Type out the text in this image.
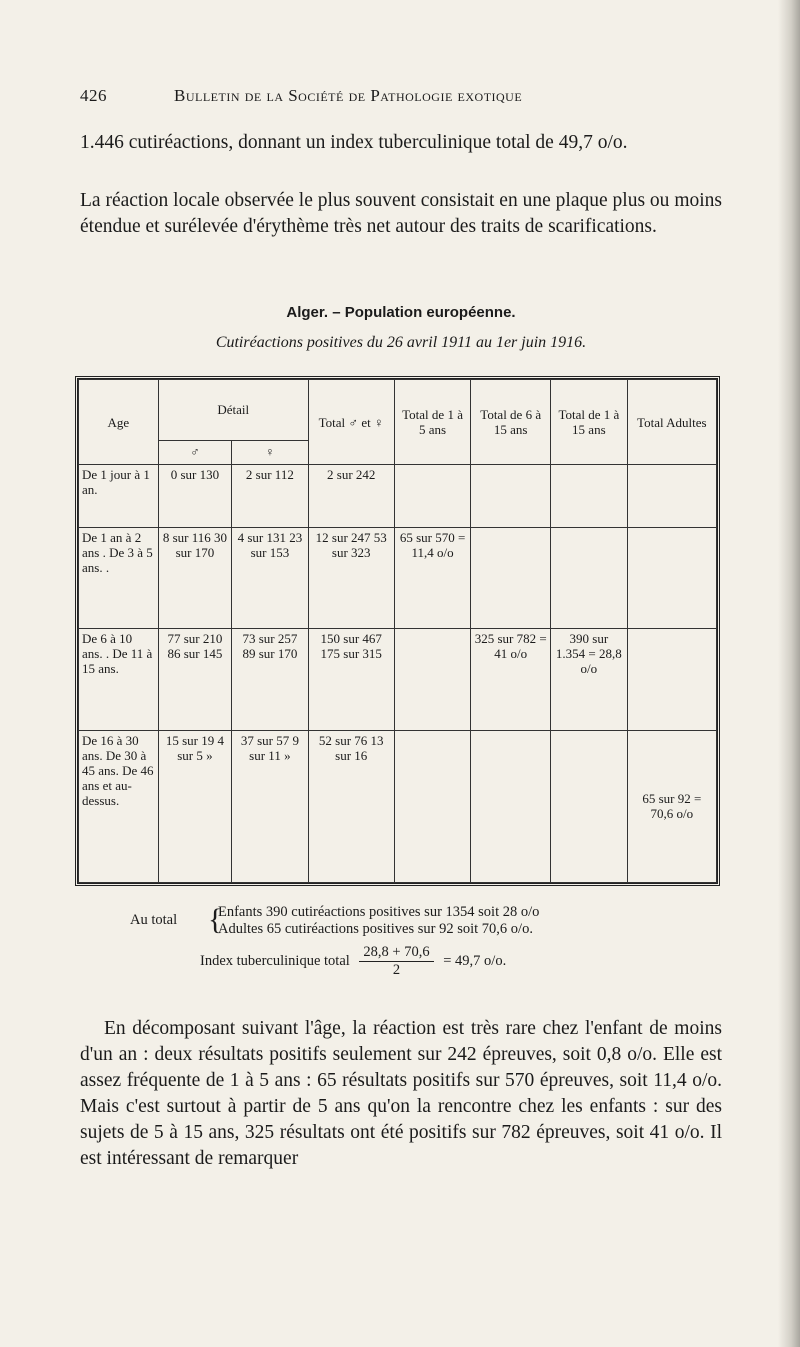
426	Bulletin de la Société de Pathologie exotique
1.446 cutiréactions, donnant un index tuberculinique total de 49,7 o/o.
La réaction locale observée le plus souvent consistait en une plaque plus ou moins étendue et surélevée d'érythème très net autour des traits de scarifications.
Alger. – Population européenne.
Cutiréactions positives du 26 avril 1911 au 1er juin 1916.
Age	Détail		Total ♂ et ♀	Total de 1 à 5 ans	Total de 6 à 15 ans	Total de 1 à 15 ans	Total Adultes
	♂	♀					
De 1 jour à 1 an.	0 sur 130	2 sur 112	2 sur 242				
De 1 an à 2 ans . De 3 à 5 ans. .	8 sur 116 30 sur 170	4 sur 131 23 sur 153	12 sur 247 53 sur 323	65 sur 570 = 11,4 o/o			
De 6 à 10 ans. . De 11 à 15 ans.	77 sur 210 86 sur 145	73 sur 257 89 sur 170	150 sur 467 175 sur 315		325 sur 782 = 41 o/o	390 sur 1.354 = 28,8 o/o	
De 16 à 30 ans. De 30 à 45 ans. De 46 ans et au-dessus.	15 sur 19 4 sur 5 »	37 sur 57 9 sur 11 »	52 sur 76 13 sur 16				65 sur 92 = 70,6 o/o
Au total {
Enfants 390 cutiréactions positives sur 1354 soit 28 o/o
Adultes 65 cutiréactions positives sur 92 soit 70,6 o/o.
Index tuberculinique total $\frac{28,8 + 70,6}{2} = 49,7$ o/o.
En décomposant suivant l'âge, la réaction est très rare chez l'enfant de moins d'un an : deux résultats positifs seulement sur 242 épreuves, soit 0,8 o/o. Elle est assez fréquente de 1 à 5 ans : 65 résultats positifs sur 570 épreuves, soit 11,4 o/o. Mais c'est surtout à partir de 5 ans qu'on la rencontre chez les enfants : sur des sujets de 5 à 15 ans, 325 résultats ont été positifs sur 782 épreuves, soit 41 o/o. Il est intéressant de remarquer
